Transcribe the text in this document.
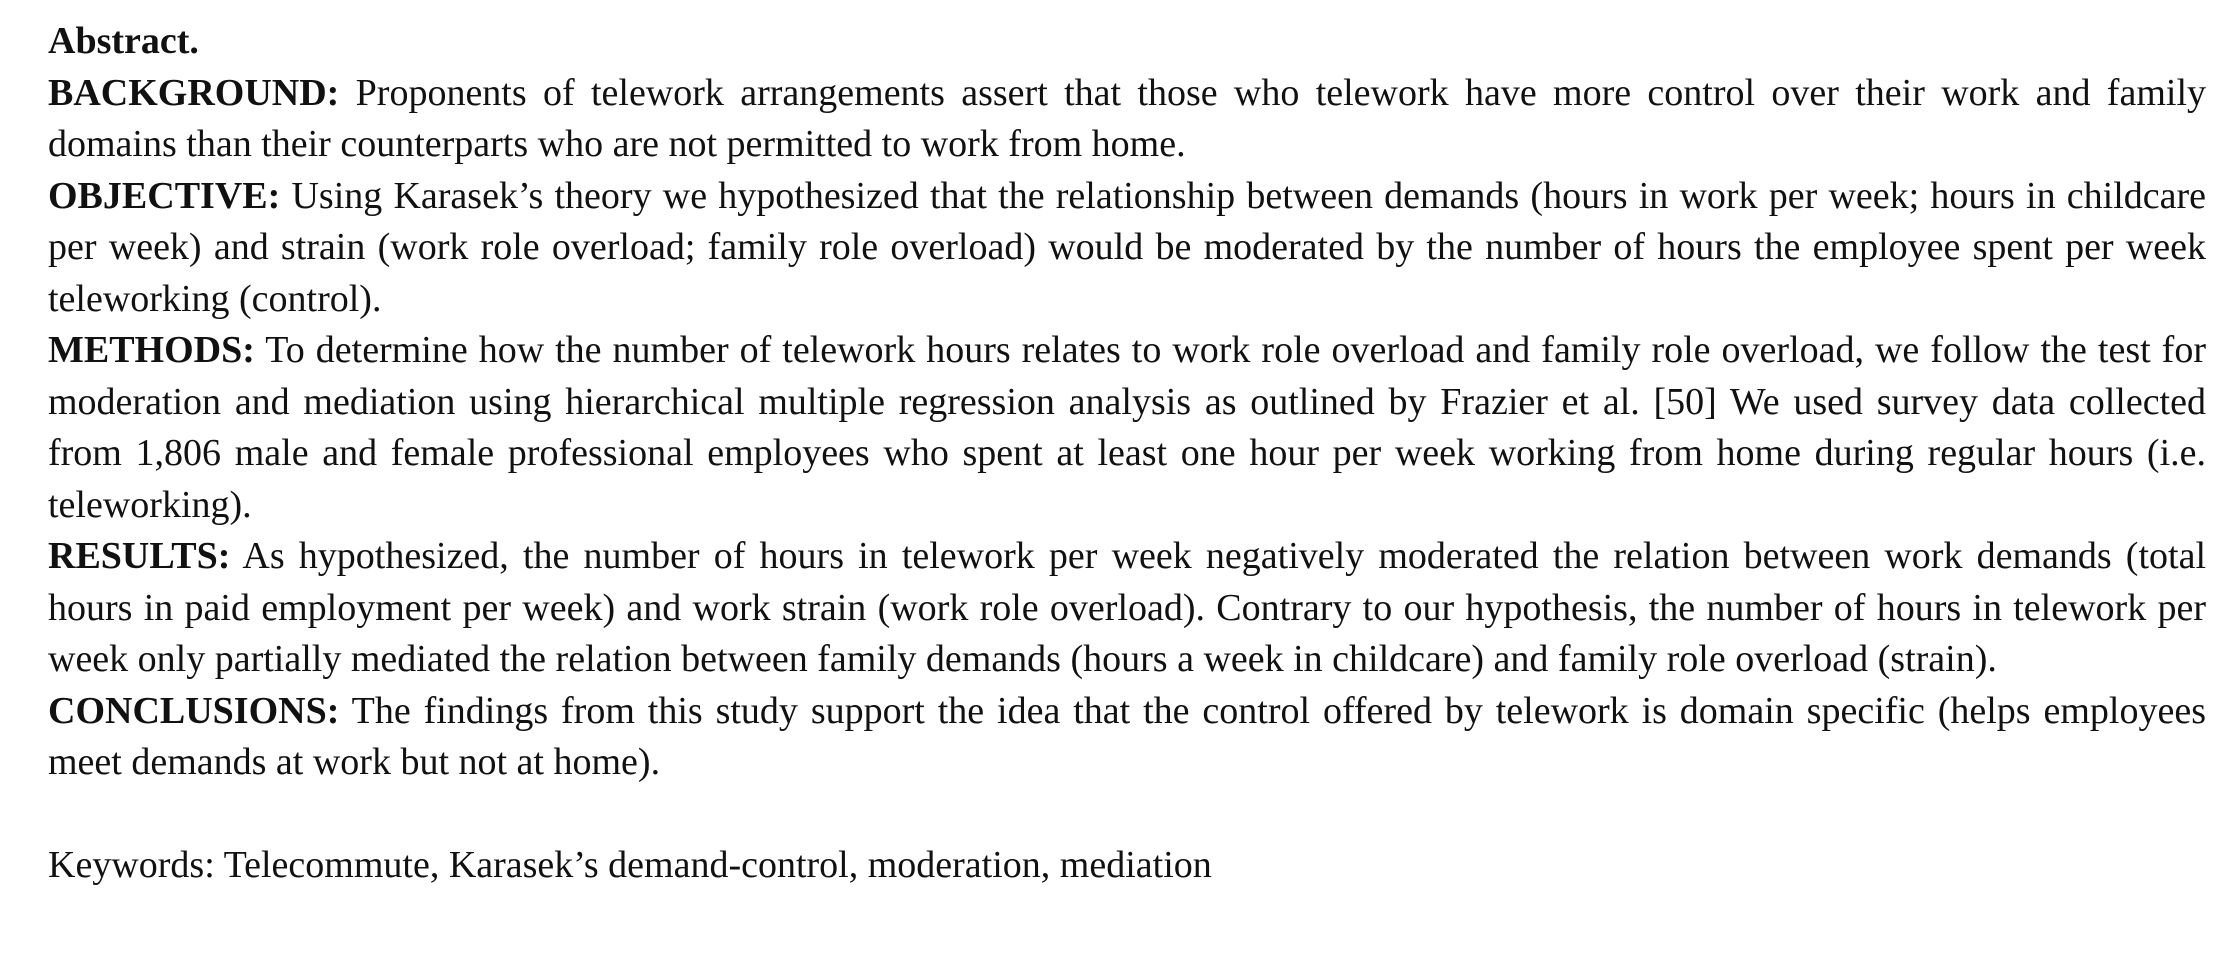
Abstract.

BACKGROUND: Proponents of telework arrangements assert that those who telework have more control over their work and family domains than their counterparts who are not permitted to work from home.

OBJECTIVE: Using Karasek’s theory we hypothesized that the relationship between demands (hours in work per week; hours in childcare per week) and strain (work role overload; family role overload) would be moderated by the number of hours the employee spent per week teleworking (control).

METHODS: To determine how the number of telework hours relates to work role overload and family role overload, we follow the test for moderation and mediation using hierarchical multiple regression analysis as outlined by Frazier et al. [50] We used survey data collected from 1,806 male and female professional employees who spent at least one hour per week working from home during regular hours (i.e. teleworking).

RESULTS: As hypothesized, the number of hours in telework per week negatively moderated the relation between work demands (total hours in paid employment per week) and work strain (work role overload). Contrary to our hypothesis, the number of hours in telework per week only partially mediated the relation between family demands (hours a week in childcare) and family role overload (strain).

CONCLUSIONS: The findings from this study support the idea that the control offered by telework is domain specific (helps employees meet demands at work but not at home).

Keywords: Telecommute, Karasek’s demand-control, moderation, mediation
